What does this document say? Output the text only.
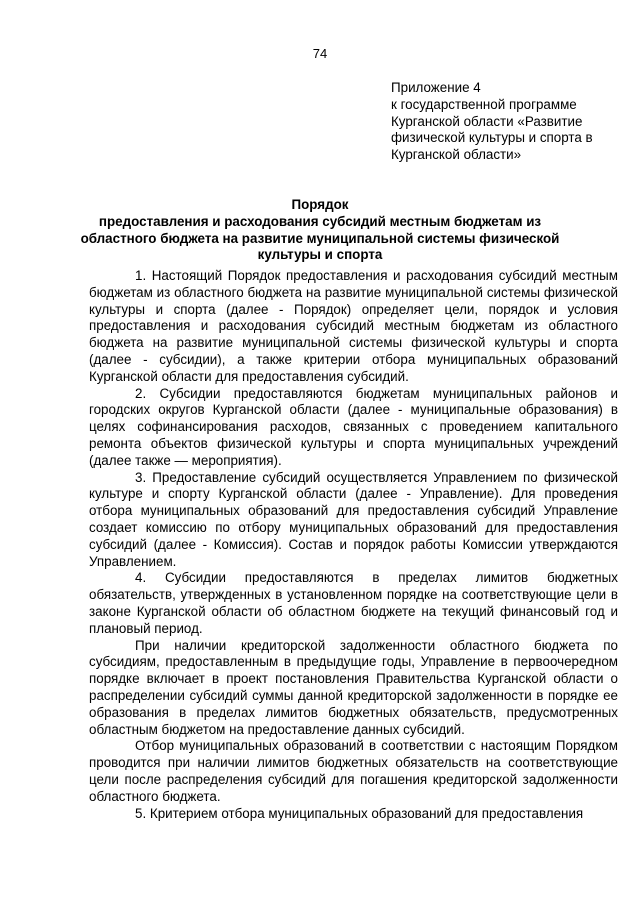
74
Приложение 4
к государственной программе
Курганской области «Развитие
физической культуры и спорта в
Курганской области»
Порядок
предоставления и расходования субсидий местным бюджетам из
областного бюджета на развитие муниципальной системы физической
культуры и спорта

1. Настоящий Порядок предоставления и расходования субсидий местным бюджетам из областного бюджета на развитие муниципальной системы физической культуры и спорта (далее - Порядок) определяет цели, порядок и условия предоставления и расходования субсидий местным бюджетам из областного бюджета на развитие муниципальной системы физической культуры и спорта (далее - субсидии), а также критерии отбора муниципальных образований Курганской области для предоставления субсидий.

2. Субсидии предоставляются бюджетам муниципальных районов и городских округов Курганской области (далее - муниципальные образования) в целях софинансирования расходов, связанных с проведением капитального ремонта объектов физической культуры и спорта муниципальных учреждений (далее также — мероприятия).

3. Предоставление субсидий осуществляется Управлением по физической культуре и спорту Курганской области (далее - Управление). Для проведения отбора муниципальных образований для предоставления субсидий Управление создает комиссию по отбору муниципальных образований для предоставления субсидий (далее - Комиссия). Состав и порядок работы Комиссии утверждаются Управлением.

4. Субсидии предоставляются в пределах лимитов бюджетных обязательств, утвержденных в установленном порядке на соответствующие цели в законе Курганской области об областном бюджете на текущий финансовый год и плановый период.

При наличии кредиторской задолженности областного бюджета по субсидиям, предоставленным в предыдущие годы, Управление в первоочередном порядке включает в проект постановления Правительства Курганской области о распределении субсидий суммы данной кредиторской задолженности в порядке ее образования в пределах лимитов бюджетных обязательств, предусмотренных областным бюджетом на предоставление данных субсидий.

Отбор муниципальных образований в соответствии с настоящим Порядком проводится при наличии лимитов бюджетных обязательств на соответствующие цели после распределения субсидий для погашения кредиторской задолженности областного бюджета.

5. Критерием отбора муниципальных образований для предоставления
